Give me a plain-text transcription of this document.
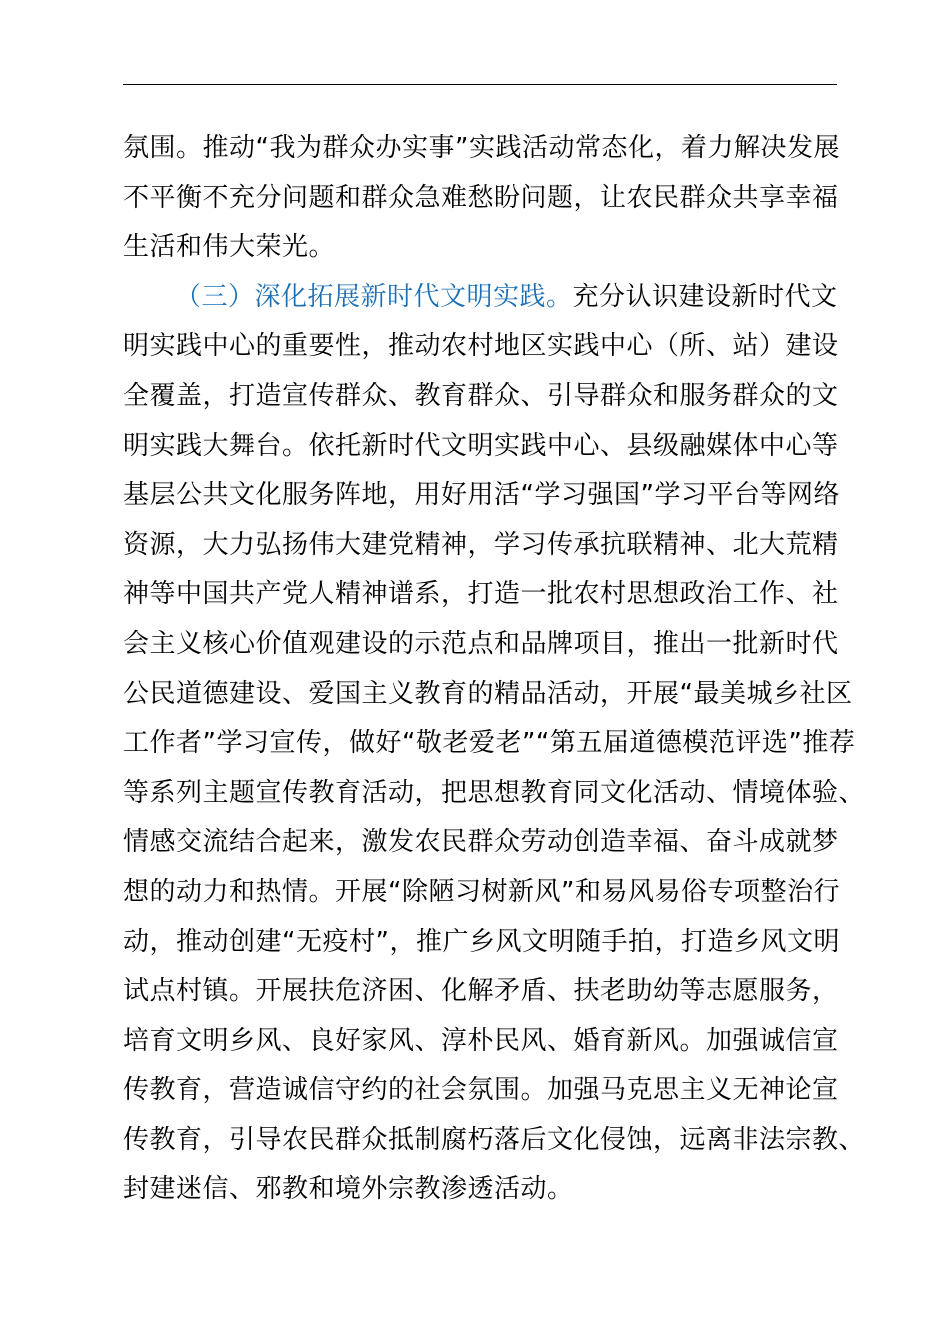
氛围。推动“我为群众办实事”实践活动常态化，着力解决发展
不平衡不充分问题和群众急难愁盼问题，让农民群众共享幸福
生活和伟大荣光。
（三）深化拓展新时代文明实践。充分认识建设新时代文
明实践中心的重要性，推动农村地区实践中心（所、站）建设
全覆盖，打造宣传群众、教育群众、引导群众和服务群众的文
明实践大舞台。依托新时代文明实践中心、县级融媒体中心等
基层公共文化服务阵地，用好用活“学习强国”学习平台等网络
资源，大力弘扬伟大建党精神，学习传承抗联精神、北大荒精
神等中国共产党人精神谱系，打造一批农村思想政治工作、社
会主义核心价值观建设的示范点和品牌项目，推出一批新时代
公民道德建设、爱国主义教育的精品活动，开展“最美城乡社区
工作者”学习宣传，做好“敬老爱老”“第五届道德模范评选”推荐
等系列主题宣传教育活动，把思想教育同文化活动、情境体验、
情感交流结合起来，激发农民群众劳动创造幸福、奋斗成就梦
想的动力和热情。开展“除陋习树新风”和易风易俗专项整治行
动，推动创建“无疫村”，推广乡风文明随手拍，打造乡风文明
试点村镇。开展扶危济困、化解矛盾、扶老助幼等志愿服务，
培育文明乡风、良好家风、淳朴民风、婚育新风。加强诚信宣
传教育，营造诚信守约的社会氛围。加强马克思主义无神论宣
传教育，引导农民群众抵制腐朽落后文化侵蚀，远离非法宗教、
封建迷信、邪教和境外宗教渗透活动。
